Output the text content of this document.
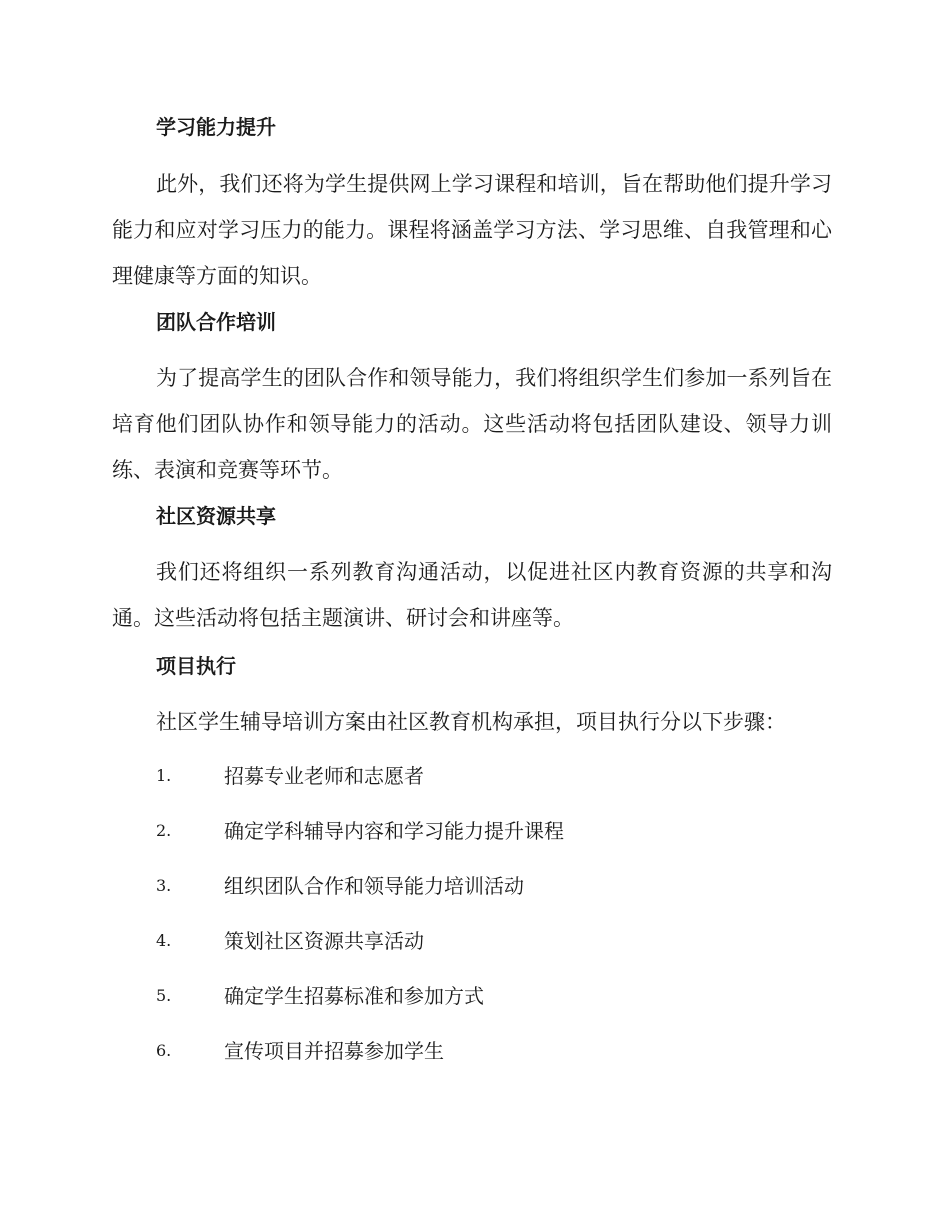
学习能力提升
此外，我们还将为学生提供网上学习课程和培训，旨在帮助他们提升学习能力和应对学习压力的能力。课程将涵盖学习方法、学习思维、自我管理和心理健康等方面的知识。
团队合作培训
为了提高学生的团队合作和领导能力，我们将组织学生们参加一系列旨在培育他们团队协作和领导能力的活动。这些活动将包括团队建设、领导力训练、表演和竞赛等环节。
社区资源共享
我们还将组织一系列教育沟通活动，以促进社区内教育资源的共享和沟通。这些活动将包括主题演讲、研讨会和讲座等。
项目执行
社区学生辅导培训方案由社区教育机构承担，项目执行分以下步骤：
1.	招募专业老师和志愿者
2.	确定学科辅导内容和学习能力提升课程
3.	组织团队合作和领导能力培训活动
4.	策划社区资源共享活动
5.	确定学生招募标准和参加方式
6.	宣传项目并招募参加学生
